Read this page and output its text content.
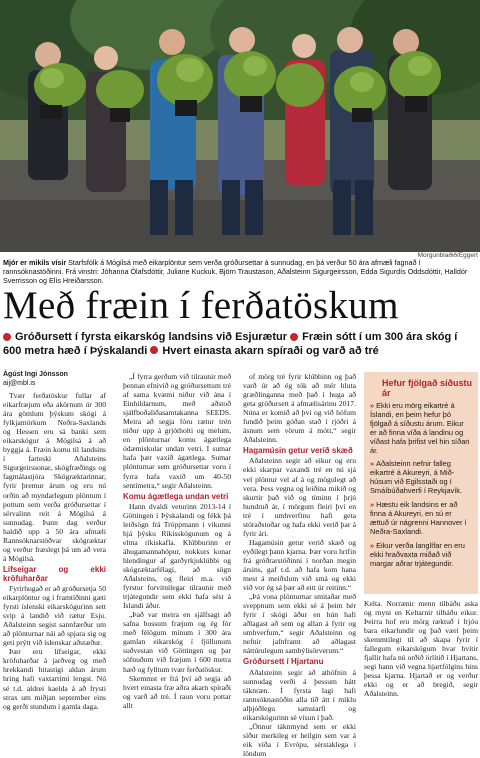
Morgunblaðið/Eggert
Mjór er mikils vísir Starfsfólk á Mógilsá með eikarplöntur sem verða gróðursettar á sunnudag, en þá verður 50 ára afmæli fagnað í rannsóknastöðinni. Frá vinstri: Jóhanna Ólafsdóttir, Juliane Kuckuk, Björn Traustason, Aðalsteinn Sigurgeirsson, Edda Sigurdís Oddsdóttir, Halldór Sverrisson og Elís Hreiðarsson.
Með fræin í ferðatöskum
Gróðursett í fyrsta eikarskóg landsins við Esjurætur Fræin sótt í um 300 ára skóg í 600 metra hæð í Þýskalandi Hvert einasta akarn spíraði og varð að tré
Ágúst Ingi Jónsson
aij@mbl.is

Tvær ferðatöskur fullar af eikarfræjum eða akörnum úr 300 ára gömlum þýskum skógi á fylkjamörkum Neðra-Saxlands og Hessen eru sá banki sem eikarskógur á Mógilsá á að byggja á. Fræin komu til landsins í farteski Aðalsteins Sigurgeirssonar, skógfræðings og fagmálastjóra Skógræktarinnar, fyrir þremur árum og eru nú orðin að myndarlegum plöntum í pottum sem verða gróðursettar í sérvalinn reit á Mógilsá á sunnudag. Þann dag verður haldið upp á 50 ára afmæli Rannsóknarstöðvar skógræktar og verður fræslegt þá um að vera á Mógilsá.

Lifseigar og ekki kröfuharðar

Fyrirhugað er að gróðursetja 50 eikarplöntur og í framtíðinni gæti fyrsti íslenski eikarskógurinn sett svip á landið við rætur Esju. Aðalsteinn segist sannfærður um að plönturnar nái að spjara sig og geti prýtt við íslenskar aðstæður.

Þær eru lífseigar, ekki kröfuharðar á jarðveg og með hrekkandi hitastigi aldan árum hring hafi vaxtartími lengst. Nú sé t.d. aldrei kaelda á að frysti strax um miðjan september eins og gerði stundum í gamla daga.

„Í fyrra gerðum við tilraunir með þennan efnivið og gróðursettum tré af sama kvæmi niður við ána í Einhildarnum, með aðstoð sjálfboðaliðasamtakanna SEEDS. Meira að segja fóru rætur trén niður upp á grjótholti og melum, en plönturnar komu ágætlega ódæmiskular undan vetri. I sumar hafa þær vaxið ágætlega. Sumar plönturnar sem gróðursettar voru í fyrra hafa vaxið um 40-50 sentímetra,“ segir Aðalsteinn.

Komu ágætlega undan vetri

Hann dvaldi veturinn 2013-14 í Göttingen í Þýskalandi og fékk þá leiðsögn frá Tröppmann í vikunni hjá þýsku Ríkisskógunum og á eltna ríkiskafla. Klúbburinn er áhugamannahópur, nokkurs konar hlendingur af garðyrkjuklúbbi og skógræktarfélagi, að sögn Aðalsteins, og fleiri m.a. við fyrstur forvitnilegar tilraunir með trjátegundir sem ekki hafa sést á Íslandi áður.

„Það var meira en sjálfsagt að safna bossum fræjum og ég fór með félögum mínum í 300 ára gamlan eikarskóg í fjöllunum suðvestan við Göttingen og þar söfnuðum við fræjum í 600 metra hæð og fylltum tvær ferðatöskur.

Skemmst er frá því að segja að hvert einasta fræ aðra akarn spíraði og varð að tré. Í raun voru pottar allt

of mörg tré fyrir klúbbinn og það varð úr að ég tók að mér hluta græðlinganna með það í huga að geta gróðursett á afmælisárinu 2017. Núna er komið að því og við höfum fundið þeim góðan stað í rjóðri á ásnum sem vörum á móti,“ segir Aðalsteinn.

Hagamúsin getur verið skæð

Aðalsteinn segir að eikur og eru ekki skarpar vaxandi tré en nú sjá vel plöntur vel af á og mögulegt að vera. Þess vegna og leiðina mikið og skurtir það við og tíminn í þrjú hundruð ár, í mörgum fleiri því en tré í umhverfinu hafi geta stóraðstoðar og hafa ekki verið þar á fyrir ári.

Hagamúsin getur verið skæð og eyðilegt þann kjarna. Þær voru hrifin frá gróðrarstöðinni í norðan megin ársins, gaf t.d. að hafa kom hana mest á meiðslum við smá og ekki við vor ég sá þær að eitt úr reitinn.“

„Þá vona plönturnar smitaðar með sveppnum sem ekki sé á þeim hér fyrir í skógi áður en hún hafi aðlagast að sem og allan á fyrir og umhverfum,“ segir Aðalsteinn og nefnir jafnframt að aðlagast náttúrulegum sambýlisörverum.“

Gróðursett í Hjartanu

Aðalsteinn segir að athöfnin á sunnudag verði á þessum hátt táknræn. Í fyrsta lagi hafi rannsóknastöðin alla tíð átt í miklu alþjóðlegu samstarfi og eikarskógurinn sé vísun í það.

„Önnur táknmynd sem er ekki síður merkileg er heilgin sem var á eik víða í Evrópu, sérstaklega í löndum

Hefur fjölgað síðustu ár
» Ekki eru mörg eikartré á Íslandi, en þeim hefur þó fjölgað á síðustu árum. Eikur er að finna víða á landinu og víðast hafa þrifist vel hin síðari ár.
» Aðalsteinn nefnir falleg eikartré á Akureyri, á Mið-húsum við Egilsstaði og í Smáíbúðahverfi í Reykjavík.
» Hæstu eik landsins er að finna á Akureyri, en sú er ættuð úr nágrenni Hannover í Neðra-Saxlandi.
» Eikur verða langlífar en eru ekki hraðvaxta miðað við margar aðrar trjátegundir.

Kelta. Norrænir menn tilbáðu aska og rnyni en Keltarnir tilbáðu eikur. Þeirra hof eru mörg ræktuð í frjóu bara eikarlundir og það væri þeim skemmtilegt til að skapa fyrir í fallegum eikarskógum hvar hvítir fjallir hafa nú orðið örlítið í Hjartans, segi hann við vegna hjartfólgins hins þessa kjarna. Hjartað er og verður ekki og er að bregið, segir Aðalsteinn.
